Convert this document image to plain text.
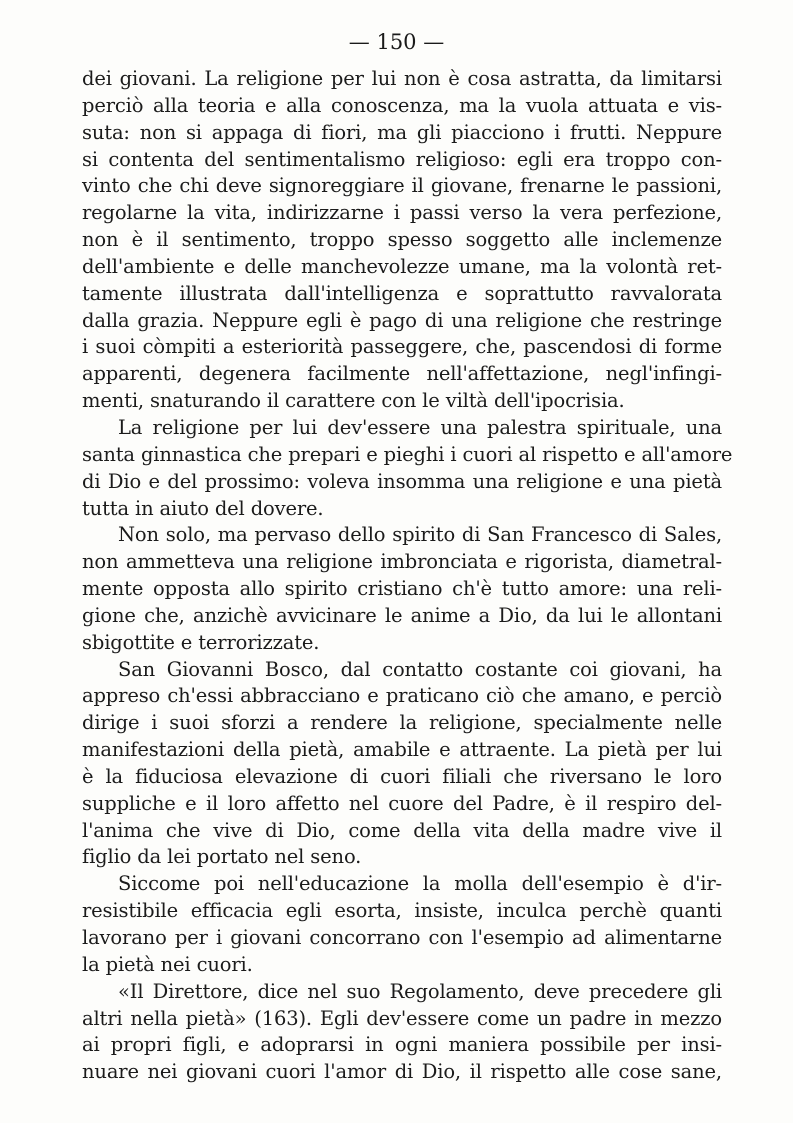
— 150 —
dei giovani. La religione per lui non è cosa astratta, da limitarsi
perciò alla teoria e alla conoscenza, ma la vuola attuata e vis-
suta: non si appaga di fiori, ma gli piacciono i frutti. Neppure
si contenta del sentimentalismo religioso: egli era troppo con-
vinto che chi deve signoreggiare il giovane, frenarne le passioni,
regolarne la vita, indirizzarne i passi verso la vera perfezione,
non è il sentimento, troppo spesso soggetto alle inclemenze
dell'ambiente e delle manchevolezze umane, ma la volontà ret-
tamente illustrata dall'intelligenza e soprattutto ravvalorata
dalla grazia. Neppure egli è pago di una religione che restringe
i suoi còmpiti a esteriorità passeggere, che, pascendosi di forme
apparenti, degenera facilmente nell'affettazione, negl'infingi-
menti, snaturando il carattere con le viltà dell'ipocrisia.
La religione per lui dev'essere una palestra spirituale, una
santa ginnastica che prepari e pieghi i cuori al rispetto e all'amore
di Dio e del prossimo: voleva insomma una religione e una pietà
tutta in aiuto del dovere.
Non solo, ma pervaso dello spirito di San Francesco di Sales,
non ammetteva una religione imbronciata e rigorista, diametral-
mente opposta allo spirito cristiano ch'è tutto amore: una reli-
gione che, anzichè avvicinare le anime a Dio, da lui le allontani
sbigottite e terrorizzate.
San Giovanni Bosco, dal contatto costante coi giovani, ha
appreso ch'essi abbracciano e praticano ciò che amano, e perciò
dirige i suoi sforzi a rendere la religione, specialmente nelle
manifestazioni della pietà, amabile e attraente. La pietà per lui
è la fiduciosa elevazione di cuori filiali che riversano le loro
suppliche e il loro affetto nel cuore del Padre, è il respiro del-
l'anima che vive di Dio, come della vita della madre vive il
figlio da lei portato nel seno.
Siccome poi nell'educazione la molla dell'esempio è d'ir-
resistibile efficacia egli esorta, insiste, inculca perchè quanti
lavorano per i giovani concorrano con l'esempio ad alimentarne
la pietà nei cuori.
«Il Direttore, dice nel suo Regolamento, deve precedere gli
altri nella pietà» (163). Egli dev'essere come un padre in mezzo
ai propri figli, e adoprarsi in ogni maniera possibile per insi-
nuare nei giovani cuori l'amor di Dio, il rispetto alle cose sane,
